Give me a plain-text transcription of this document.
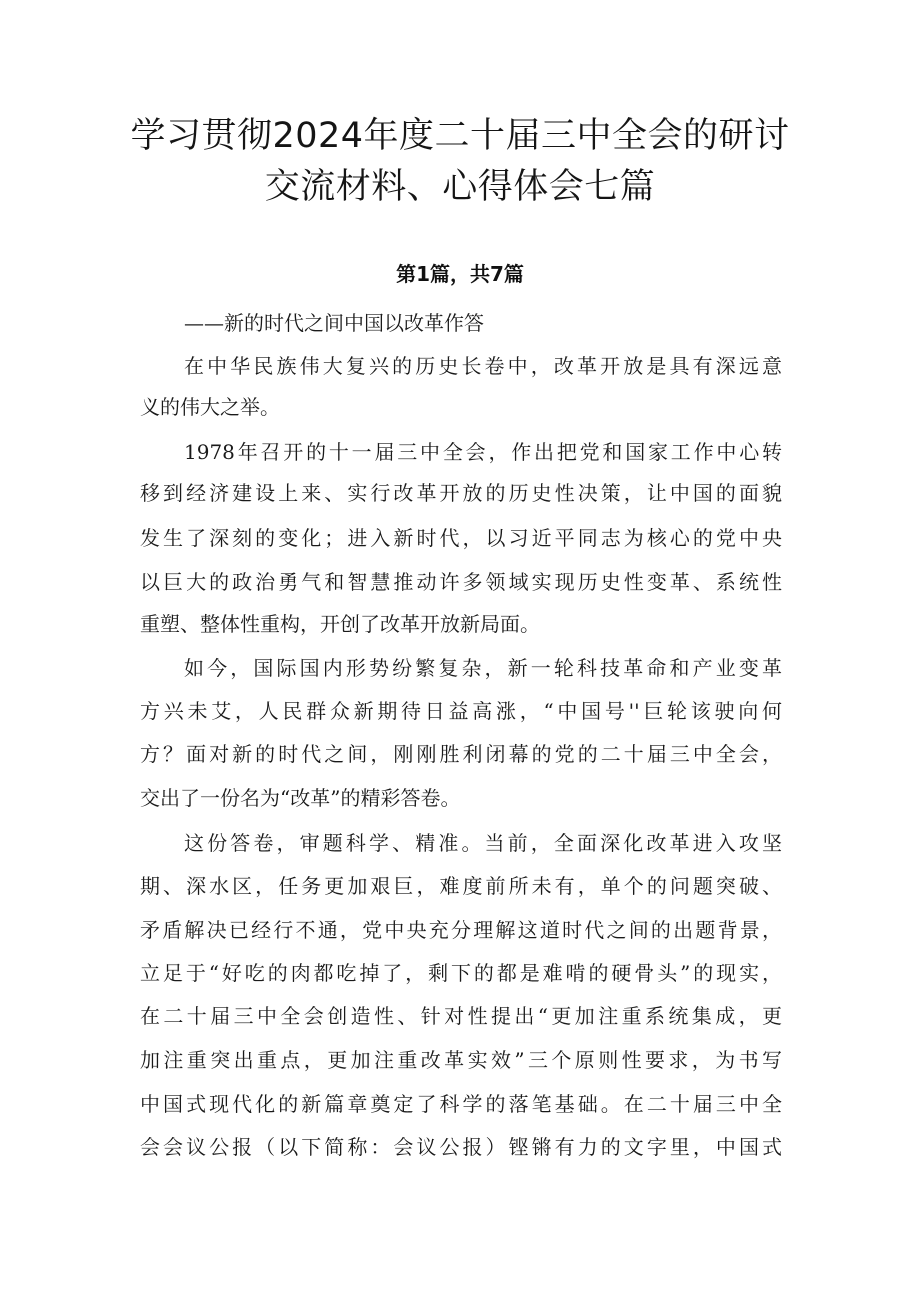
学习贯彻2024年度二十届三中全会的研讨
交流材料、心得体会七篇
第1篇，共7篇
——新的时代之间中国以改革作答
在中华民族伟大复兴的历史长卷中，改革开放是具有深远意
义的伟大之举。
1978年召开的十一届三中全会，作出把党和国家工作中心转
移到经济建设上来、实行改革开放的历史性决策，让中国的面貌
发生了深刻的变化；进入新时代，以习近平同志为核心的党中央
以巨大的政治勇气和智慧推动许多领域实现历史性变革、系统性
重塑、整体性重构，开创了改革开放新局面。
如今，国际国内形势纷繁复杂，新一轮科技革命和产业变革
方兴未艾，人民群众新期待日益高涨，“中国号''巨轮该驶向何
方？面对新的时代之间，刚刚胜利闭幕的党的二十届三中全会，
交出了一份名为“改革”的精彩答卷。
这份答卷，审题科学、精准。当前，全面深化改革进入攻坚
期、深水区，任务更加艰巨，难度前所未有，单个的问题突破、
矛盾解决已经行不通，党中央充分理解这道时代之间的出题背景，
立足于“好吃的肉都吃掉了，剩下的都是难啃的硬骨头”的现实，
在二十届三中全会创造性、针对性提出“更加注重系统集成，更
加注重突出重点，更加注重改革实效”三个原则性要求，为书写
中国式现代化的新篇章奠定了科学的落笔基础。在二十届三中全
会会议公报（以下简称：会议公报）铿锵有力的文字里，中国式
